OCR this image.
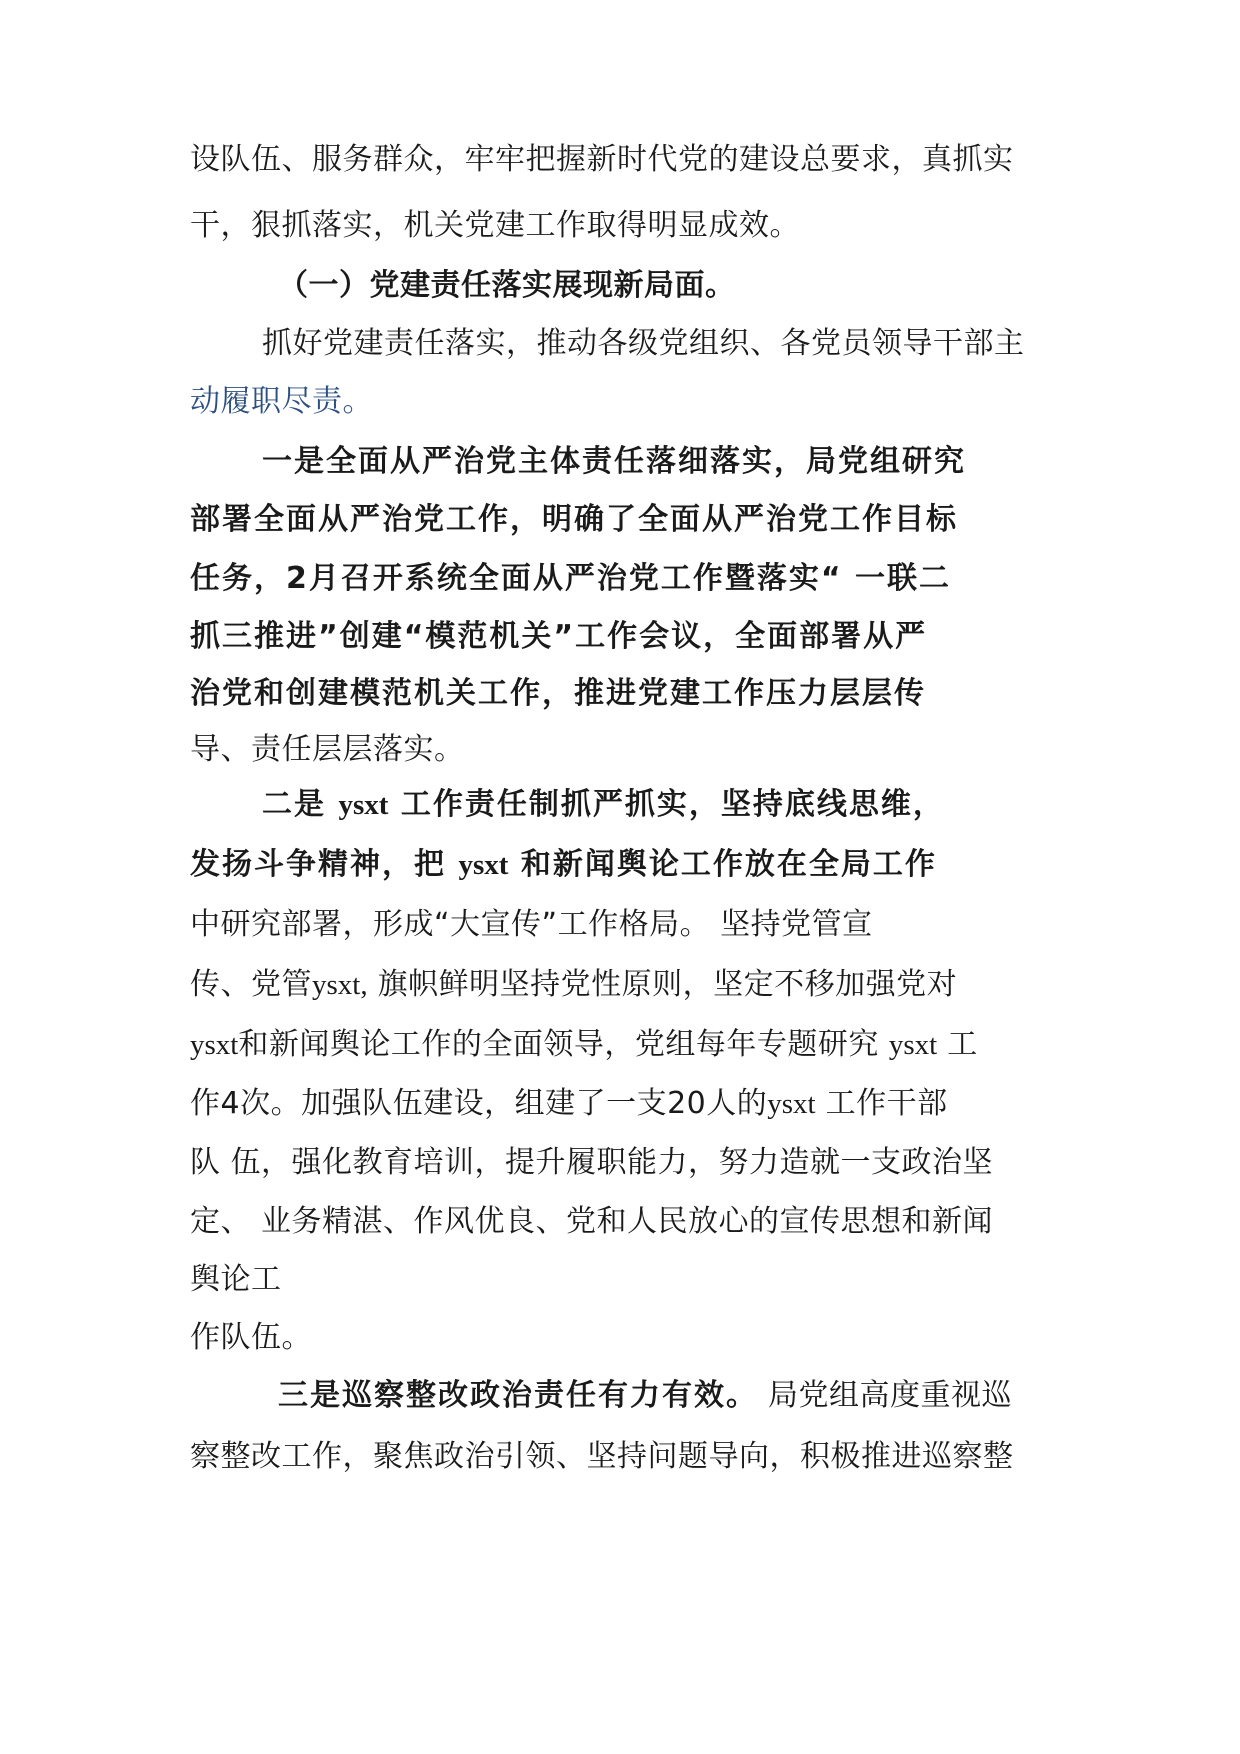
设队伍、服务群众，牢牢把握新时代党的建设总要求，真抓实
干，狠抓落实，机关党建工作取得明显成效。
（一）党建责任落实展现新局面。
抓好党建责任落实，推动各级党组织、各党员领导干部主
动履职尽责。
一是全面从严治党主体责任落细落实，局党组研究
部署全面从严治党工作，明确了全面从严治党工作目标
任务，2月召开系统全面从严治党工作暨落实“ 一联二
抓三推进”创建“模范机关”工作会议，全面部署从严
治党和创建模范机关工作，推进党建工作压力层层传
导、责任层层落实。
二是 ysxt 工作责任制抓严抓实，坚持底线思维，
发扬斗争精神，把 ysxt 和新闻舆论工作放在全局工作
中研究部署，形成“大宣传”工作格局。 坚持党管宣
传、党管ysxt, 旗帜鲜明坚持党性原则，坚定不移加强党对
ysxt和新闻舆论工作的全面领导，党组每年专题研究 ysxt 工
作4次。加强队伍建设，组建了一支20人的ysxt 工作干部
队 伍，强化教育培训，提升履职能力，努力造就一支政治坚
定、 业务精湛、作风优良、党和人民放心的宣传思想和新闻
舆论工
作队伍。
三是巡察整改政治责任有力有效。 局党组高度重视巡
察整改工作，聚焦政治引领、坚持问题导向，积极推进巡察整
